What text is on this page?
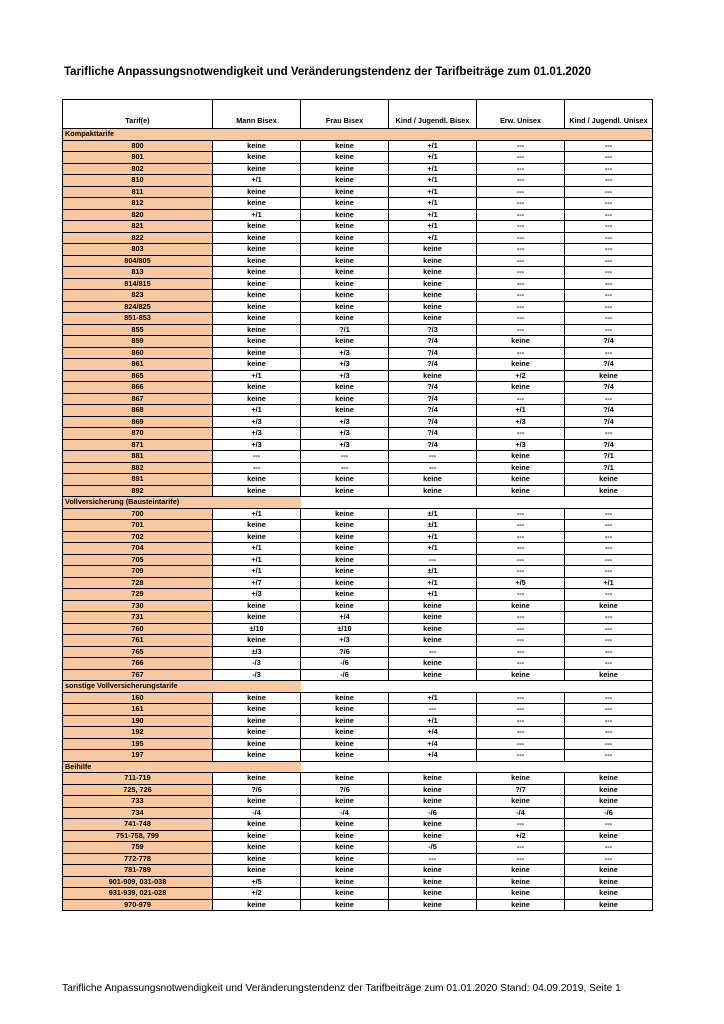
Tarifliche Anpassungsnotwendigkeit und Veränderungstendenz der Tarifbeiträge zum 01.01.2020
Tarif(e)	Mann Bisex	Frau Bisex	Kind / Jugendl. Bisex	Erw. Unisex	Kind / Jugendl. Unisex
Kompakttarife					
800	keine	keine	+/1	---	---
801	keine	keine	+/1	---	---
802	keine	keine	+/1	---	---
810	+/1	keine	+/1	---	---
811	keine	keine	+/1	---	---
812	keine	keine	+/1	---	---
820	+/1	keine	+/1	---	---
821	keine	keine	+/1	---	---
822	keine	keine	+/1	---	---
803	keine	keine	keine	---	---
804/805	keine	keine	keine	---	---
813	keine	keine	keine	---	---
814/815	keine	keine	keine	---	---
823	keine	keine	keine	---	---
824/825	keine	keine	keine	---	---
851-853	keine	keine	keine	---	---
855	keine	?/1	?/3	---	---
859	keine	keine	?/4	keine	?/4
860	keine	+/3	?/4	---	---
861	keine	+/3	?/4	keine	?/4
865	+/1	+/3	keine	+/2	keine
866	keine	keine	?/4	keine	?/4
867	keine	keine	?/4	---	---
868	+/1	keine	?/4	+/1	?/4
869	+/3	+/3	?/4	+/3	?/4
870	+/3	+/3	?/4	---	---
871	+/3	+/3	?/4	+/3	?/4
881	---	---	---	keine	?/1
882	---	---	---	keine	?/1
891	keine	keine	keine	keine	keine
892	keine	keine	keine	keine	keine
Vollversicherung (Bausteintarife)					
700	+/1	keine	±/1	---	---
701	keine	keine	±/1	---	---
702	keine	keine	+/1	---	---
704	+/1	keine	+/1	---	---
705	+/1	keine	---	---	---
709	+/1	keine	±/1	---	---
728	+/7	keine	+/1	+/5	+/1
729	+/3	keine	+/1	---	---
730	keine	keine	keine	keine	keine
731	keine	+/4	keine	---	---
760	±/10	±/10	keine	---	---
761	keine	+/3	keine	---	---
765	±/3	?/6	---	---	---
766	-/3	-/6	keine	---	---
767	-/3	-/6	keine	keine	keine
sonstige Vollversicherungstarife					
160	keine	keine	+/1	---	---
161	keine	keine	---	---	---
190	keine	keine	+/1	---	---
192	keine	keine	+/4	---	---
195	keine	keine	+/4	---	---
197	keine	keine	+/4	---	---
Beihilfe					
711-719	keine	keine	keine	keine	keine
725, 726	?/6	?/6	keine	?/7	keine
733	keine	keine	keine	keine	keine
734	-/4	-/4	-/6	-/4	-/6
741-748	keine	keine	keine	---	---
751-758, 799	keine	keine	keine	+/2	keine
759	keine	keine	-/5	---	---
772-778	keine	keine	---	---	---
781-789	keine	keine	keine	keine	keine
901-909, 031-038	+/5	keine	keine	keine	keine
931-939, 021-028	+/2	keine	keine	keine	keine
970-979	keine	keine	keine	keine	keine
Tarifliche Anpassungsnotwendigkeit und Veränderungstendenz der Tarifbeiträge zum 01.01.2020 Stand: 04.09.2019, Seite 1
